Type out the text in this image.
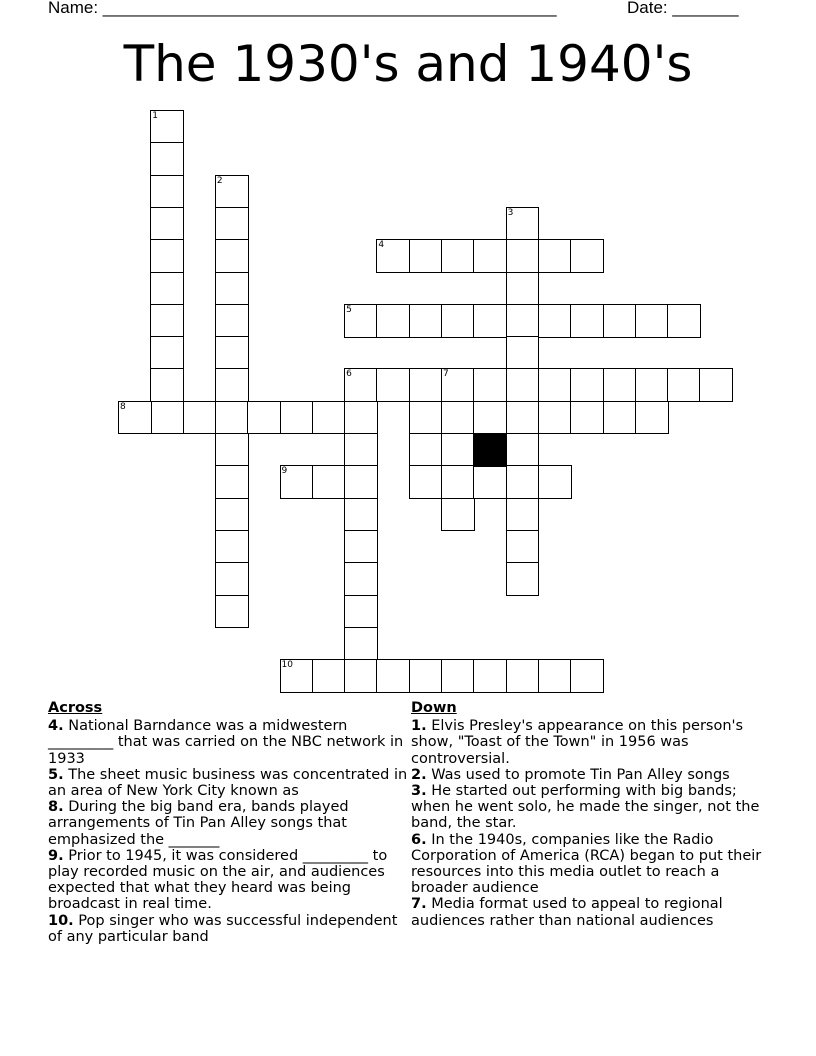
Name: ________________________________________________	Date: _______
The 1930's and 1940's
1
2
3
4
5
6	7
8
9
10
Across

4. National Barndance was a midwestern _________ that was carried on the NBC network in 1933

5. The sheet music business was concentrated in an area of New York City known as

8. During the big band era, bands played arrangements of Tin Pan Alley songs that emphasized the _______

9. Prior to 1945, it was considered _________ to play recorded music on the air, and audiences expected that what they heard was being broadcast in real time.

10. Pop singer who was successful independent of any particular band

Down

1. Elvis Presley's appearance on this person's show, "Toast of the Town" in 1956 was controversial.

2. Was used to promote Tin Pan Alley songs

3. He started out performing with big bands; when he went solo, he made the singer, not the band, the star.

6. In the 1940s, companies like the Radio Corporation of America (RCA) began to put their resources into this media outlet to reach a broader audience

7. Media format used to appeal to regional audiences rather than national audiences
